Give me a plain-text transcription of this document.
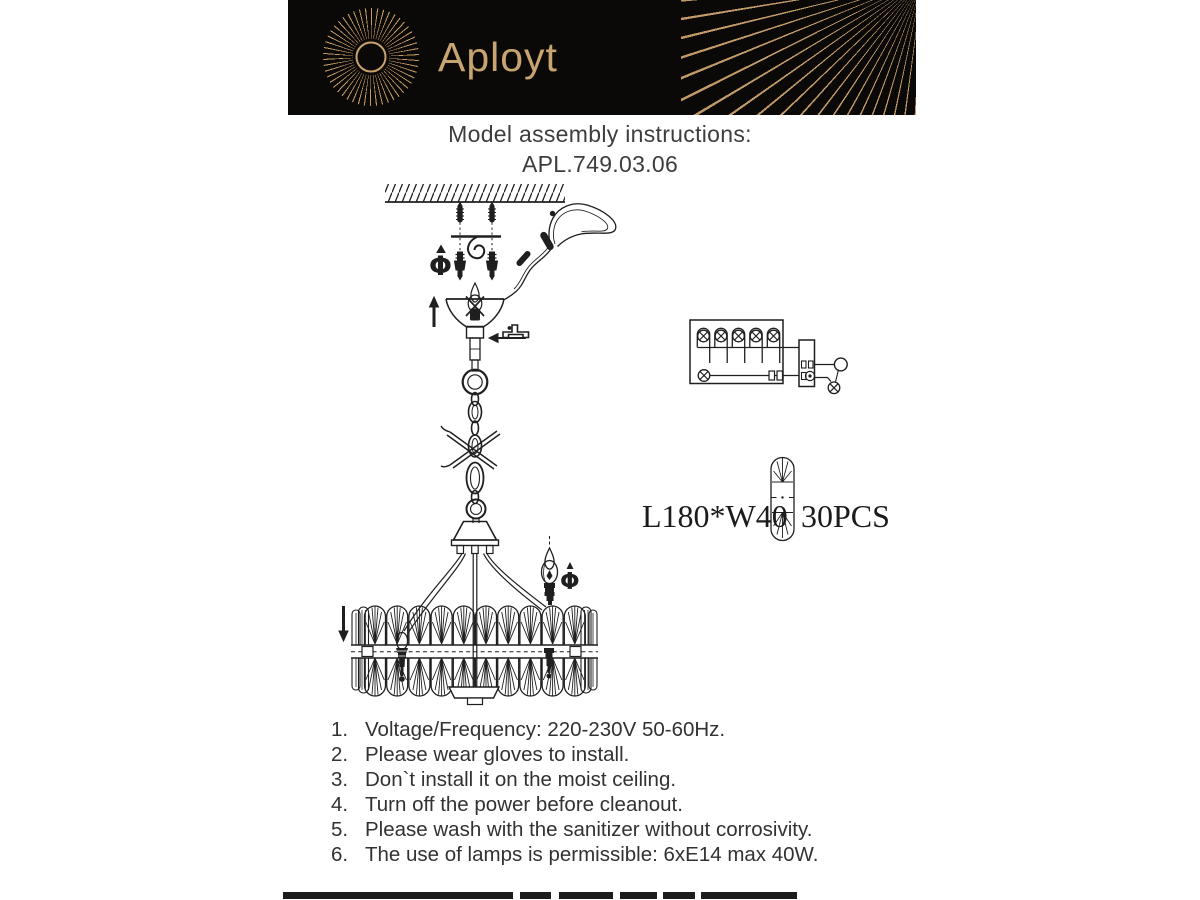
Aployt
Model assembly instructions:
APL.749.03.06
Φ
Φ
L180*W40 30PCS
1. Voltage/Frequency: 220-230V 50-60Hz.
2. Please wear gloves to install.
3. Don`t install it on the moist ceiling.
4. Turn off the power before cleanout.
5. Please wash with the sanitizer without corrosivity.
6. The use of lamps is permissible: 6xE14 max 40W.
